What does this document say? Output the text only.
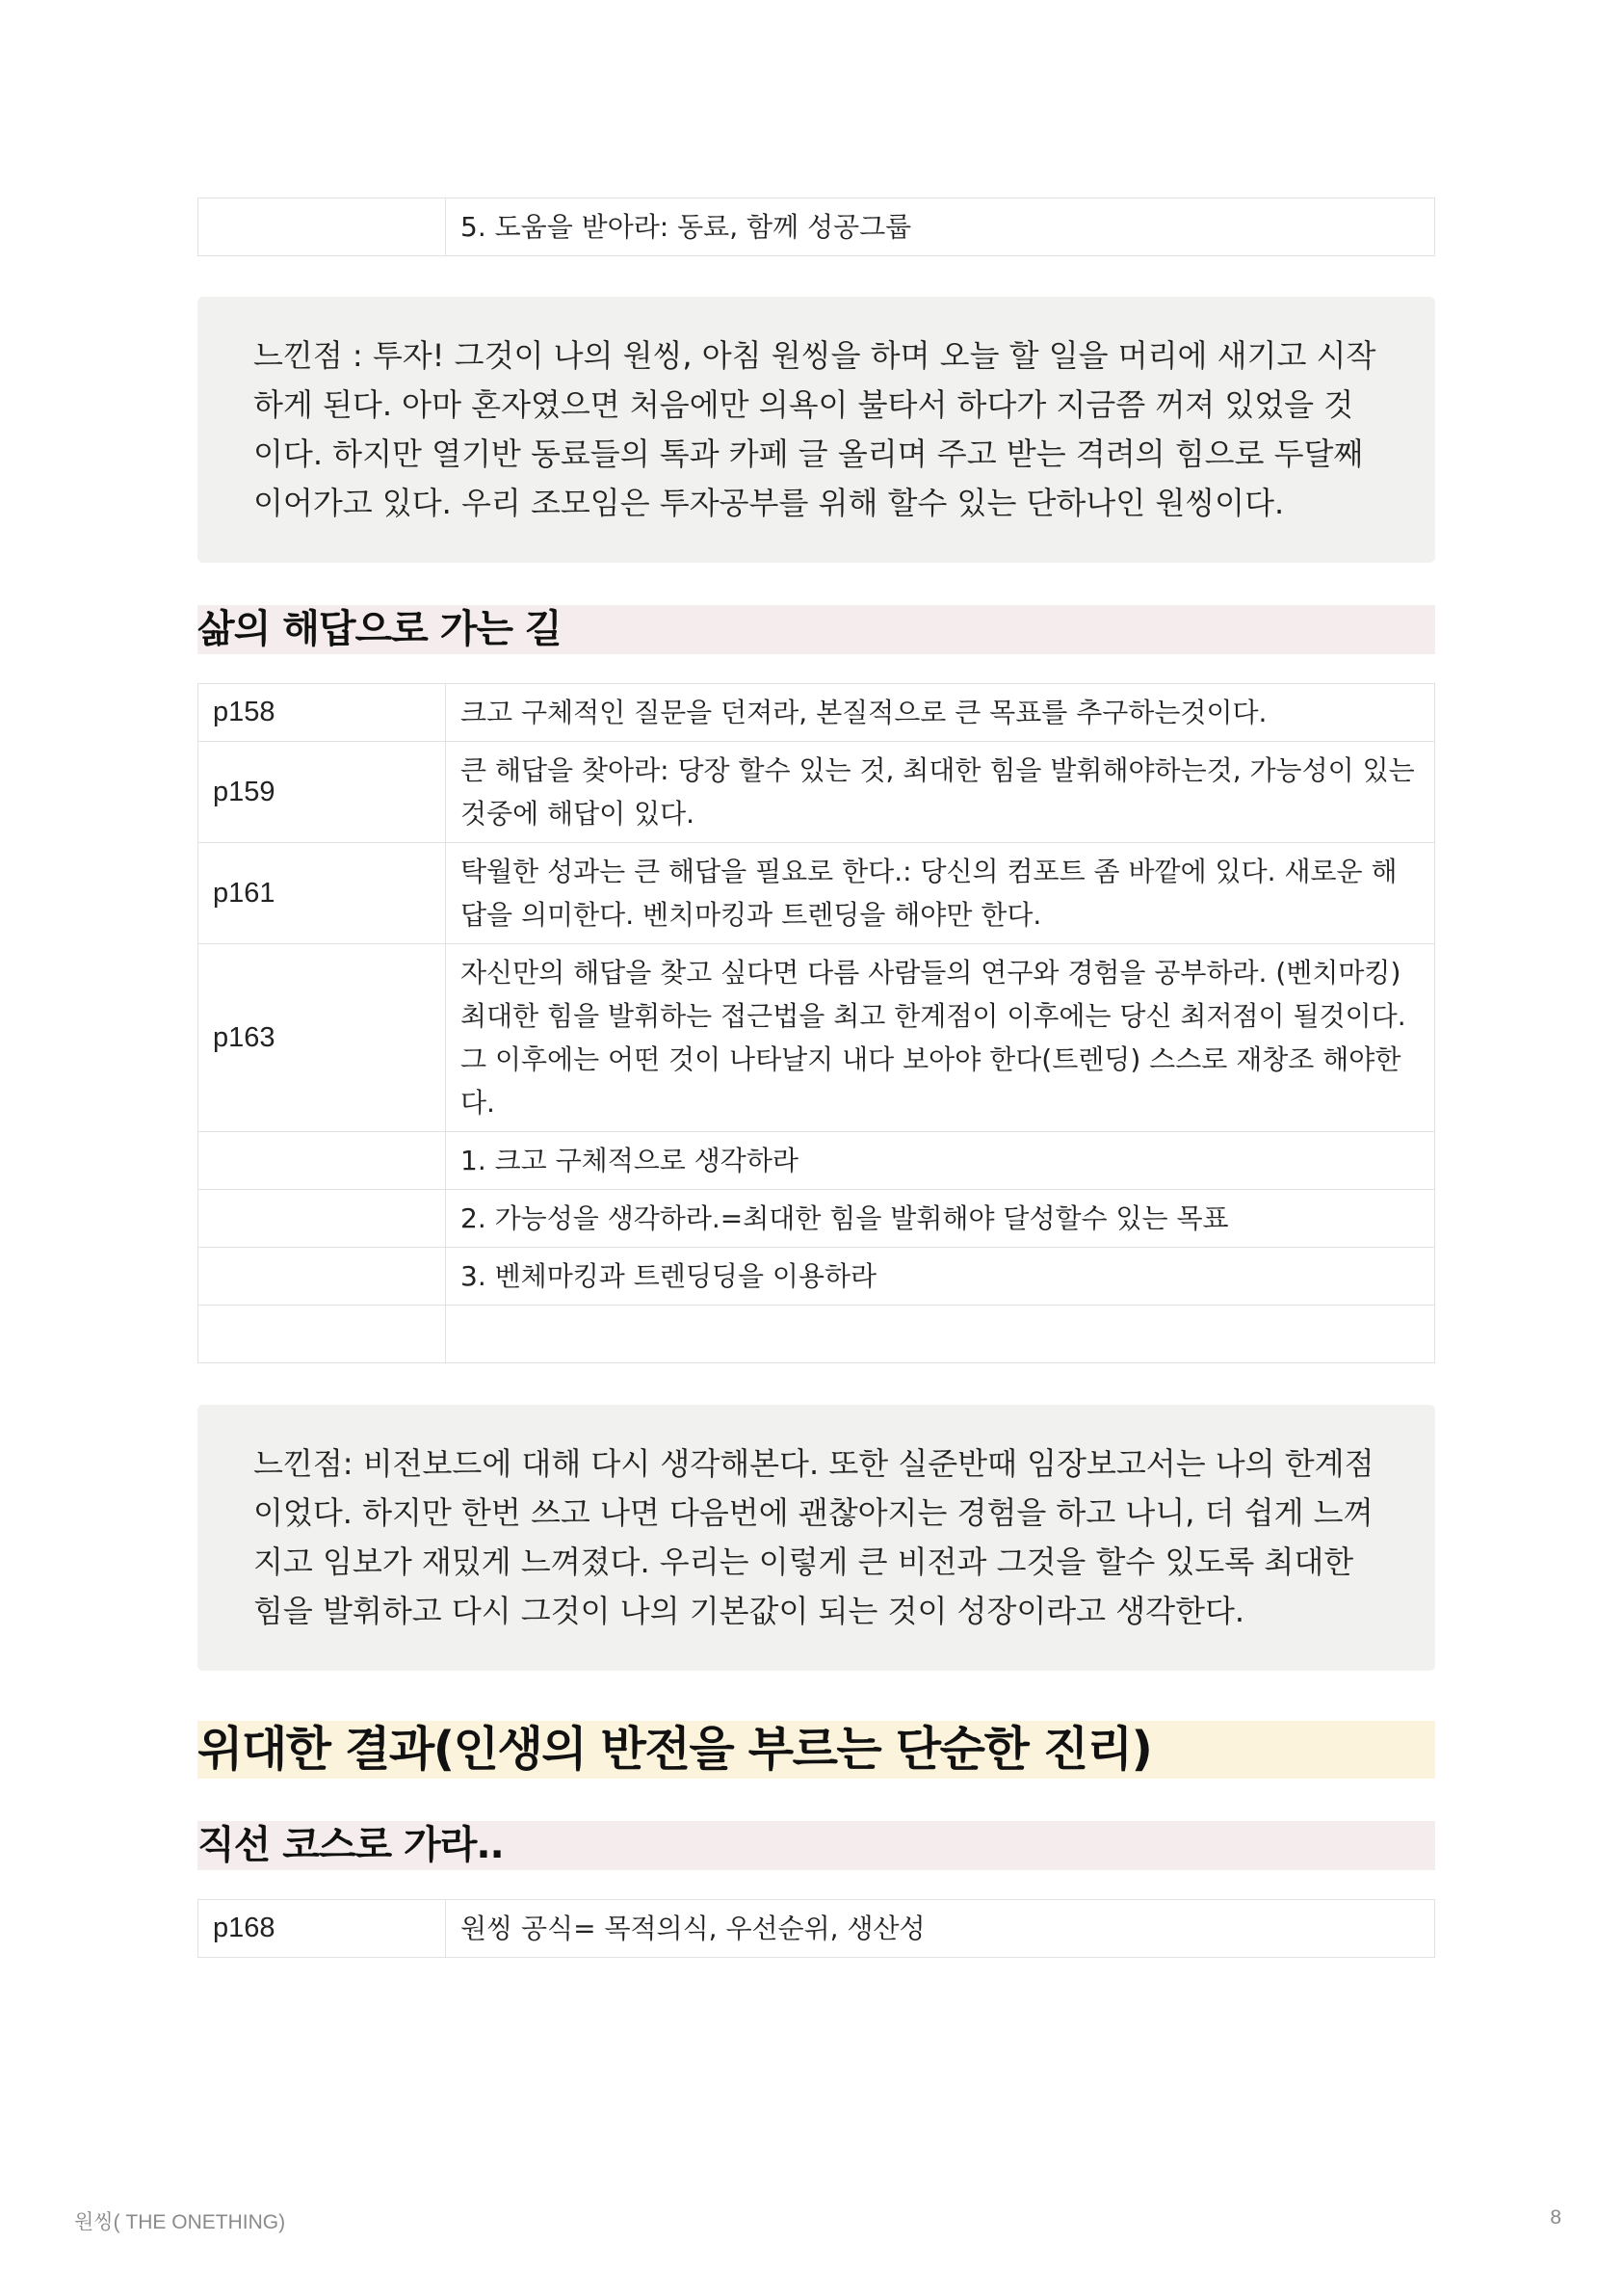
	5. 도움을 받아라: 동료, 함께 성공그룹
느낀점 : 투자! 그것이 나의 원씽, 아침 원씽을 하며 오늘 할 일을 머리에 새기고 시작하게 된다. 아마 혼자였으면 처음에만 의욕이 불타서 하다가 지금쯤 꺼져 있었을 것이다. 하지만 열기반 동료들의 톡과 카페 글 올리며 주고 받는 격려의 힘으로 두달째 이어가고 있다. 우리 조모임은 투자공부를 위해 할수 있는 단하나인 원씽이다.
삶의 해답으로 가는 길
p158	크고 구체적인 질문을 던져라, 본질적으로 큰 목표를 추구하는것이다.
p159	큰 해답을 찾아라: 당장 할수 있는 것, 최대한 힘을 발휘해야하는것, 가능성이 있는 것중에 해답이 있다.
p161	탁월한 성과는 큰 해답을 필요로 한다.: 당신의 컴포트 좀 바깥에 있다. 새로운 해답을 의미한다. 벤치마킹과 트렌딩을 해야만 한다.
p163	자신만의 해답을 찾고 싶다면 다름 사람들의 연구와 경험을 공부하라. (벤치마킹) 최대한 힘을 발휘하는 접근법을 최고 한계점이 이후에는 당신 최저점이 될것이다. 그 이후에는 어떤 것이 나타날지 내다 보아야 한다(트렌딩) 스스로 재창조 해야한다.
	1. 크고 구체적으로 생각하라
	2. 가능성을 생각하라.=최대한 힘을 발휘해야 달성할수 있는 목표
	3. 벤체마킹과 트렌딩딩을 이용하라

느낀점: 비전보드에 대해 다시 생각해본다. 또한 실준반때 임장보고서는 나의 한계점이었다. 하지만 한번 쓰고 나면 다음번에 괜찮아지는 경험을 하고 나니, 더 쉽게 느껴지고 임보가 재밌게 느껴졌다. 우리는 이렇게 큰 비전과 그것을 할수 있도록 최대한 힘을 발휘하고 다시 그것이 나의 기본값이 되는 것이 성장이라고 생각한다.
위대한 결과(인생의 반전을 부르는 단순한 진리)
직선 코스로 가라..
p168	원씽 공식= 목적의식, 우선순위, 생산성
원씽( THE ONETHING)	8
